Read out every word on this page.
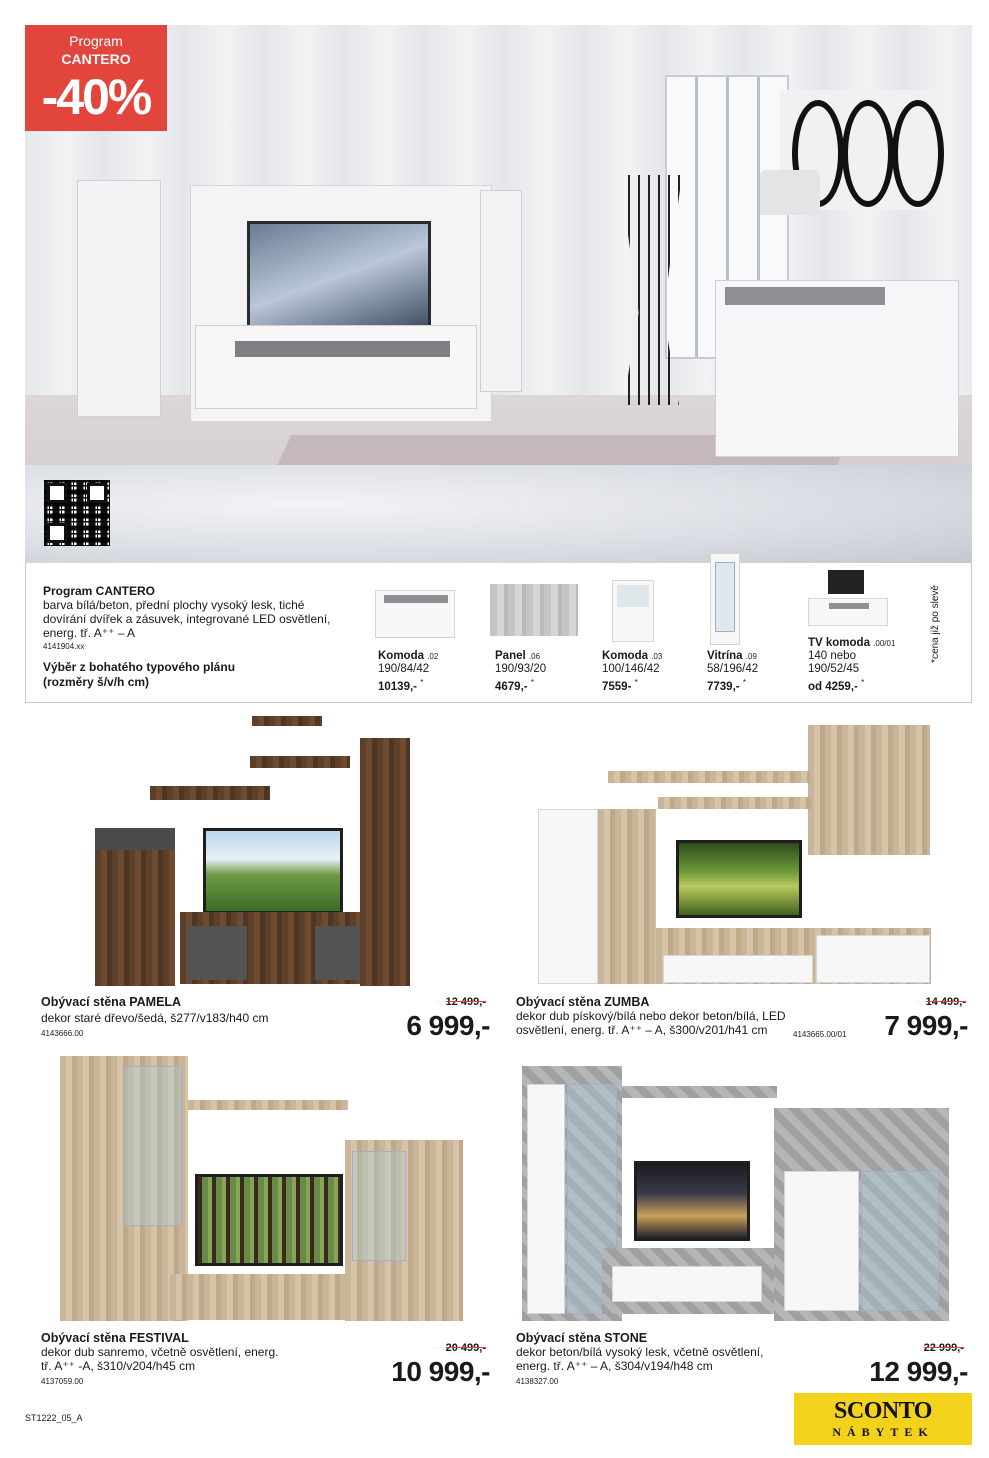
Program
CANTERO
-40%
Program CANTERO
barva bílá/beton, přední plochy vysoký lesk, tiché dovírání dvířek a zásuvek, integrované LED osvětlení, energ. tř. A⁺⁺ – A
4141904.xx
Výběr z bohatého typového plánu (rozměry š/v/h cm)
Komoda .02
190/84/42
10139,- *
Panel .06
190/93/20
4679,- *
Komoda .03
100/146/42
7559- *
Vitrína .09
58/196/42
7739,- *
TV komoda .00/01
140 nebo
190/52/45
od 4259,- *
*cena již po slevě
Obývací stěna PAMELA
dekor staré dřevo/šedá, š277/v183/h40 cm
4143666.00
12 499,-
6 999,-
Obývací stěna ZUMBA
dekor dub pískový/bílá nebo dekor beton/bílá, LED osvětlení, energ. tř. A⁺⁺ – A, š300/v201/h41 cm	4143665.00/01
14 499,-
7 999,-
Obývací stěna FESTIVAL
dekor dub sanremo, včetně osvětlení, energ. tř. A⁺⁺ -A, š310/v204/h45 cm
4137059.00
20 499,-
10 999,-
Obývací stěna STONE
dekor beton/bílá vysoký lesk, včetně osvětlení, energ. tř. A⁺⁺ – A, š304/v194/h48 cm
4138327.00
22 999,-
12 999,-
ST1222_05_A	SCONTO
NÁBYTEK
